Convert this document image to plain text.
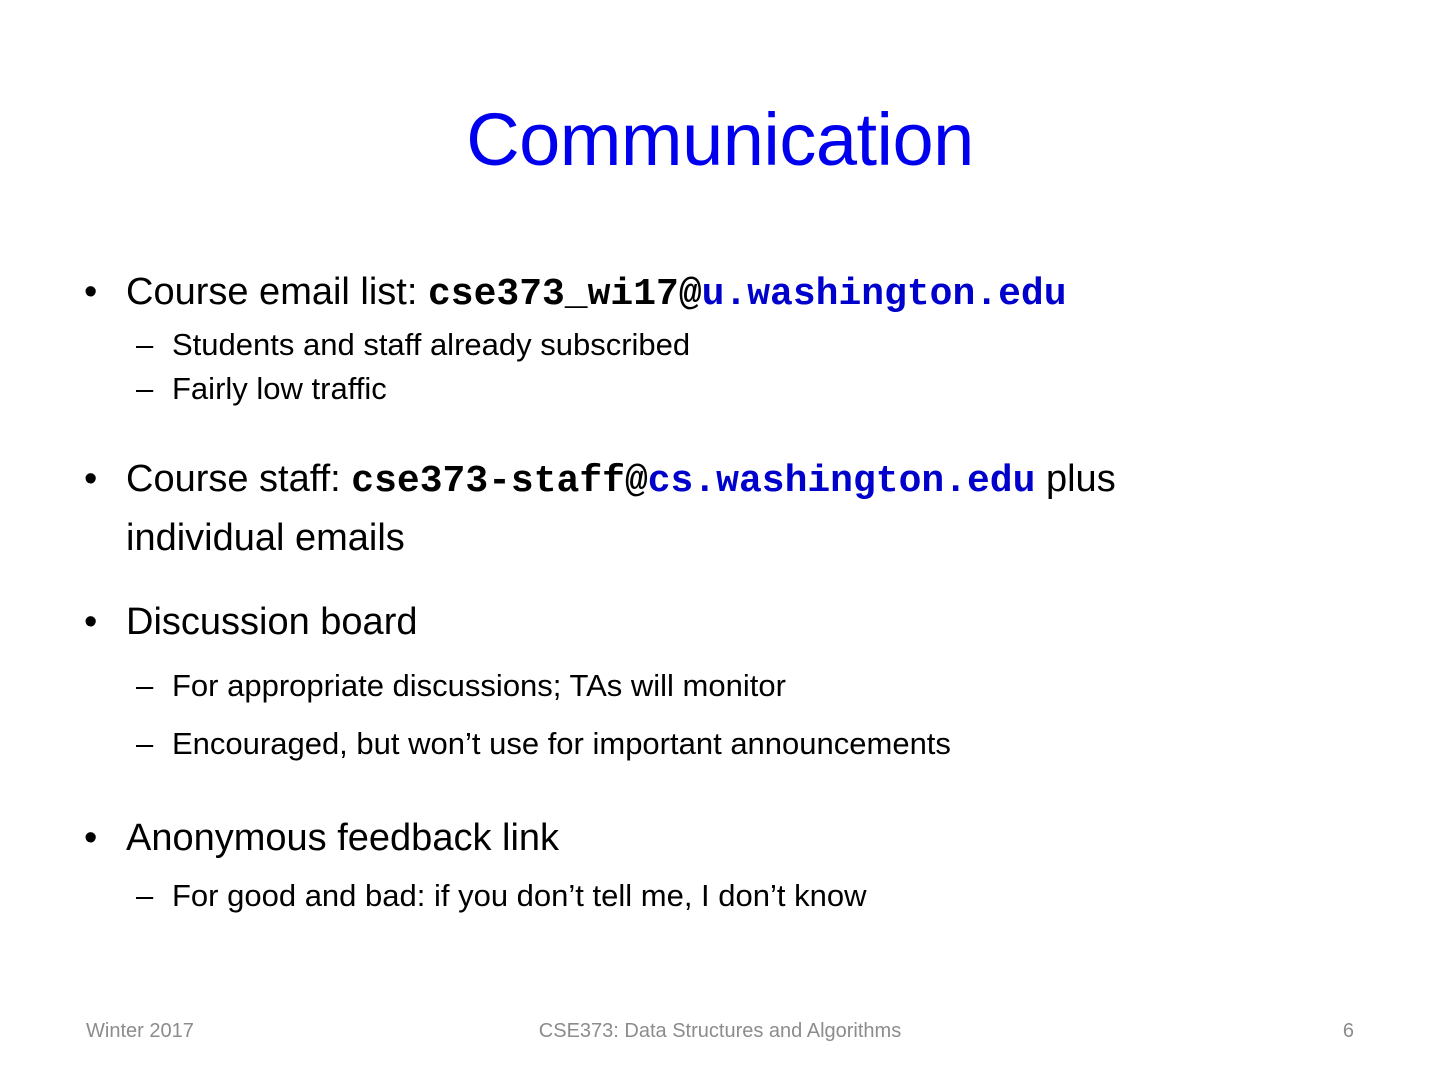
Communication
• Course email list: cse373_wi17@u.washington.edu
– Students and staff already subscribed
– Fairly low traffic
• Course staff: cse373-staff@cs.washington.edu plus
individual emails
• Discussion board
– For appropriate discussions; TAs will monitor
– Encouraged, but won’t use for important announcements
• Anonymous feedback link
– For good and bad: if you don’t tell me, I don’t know
Winter 2017	CSE373: Data Structures and Algorithms	6
